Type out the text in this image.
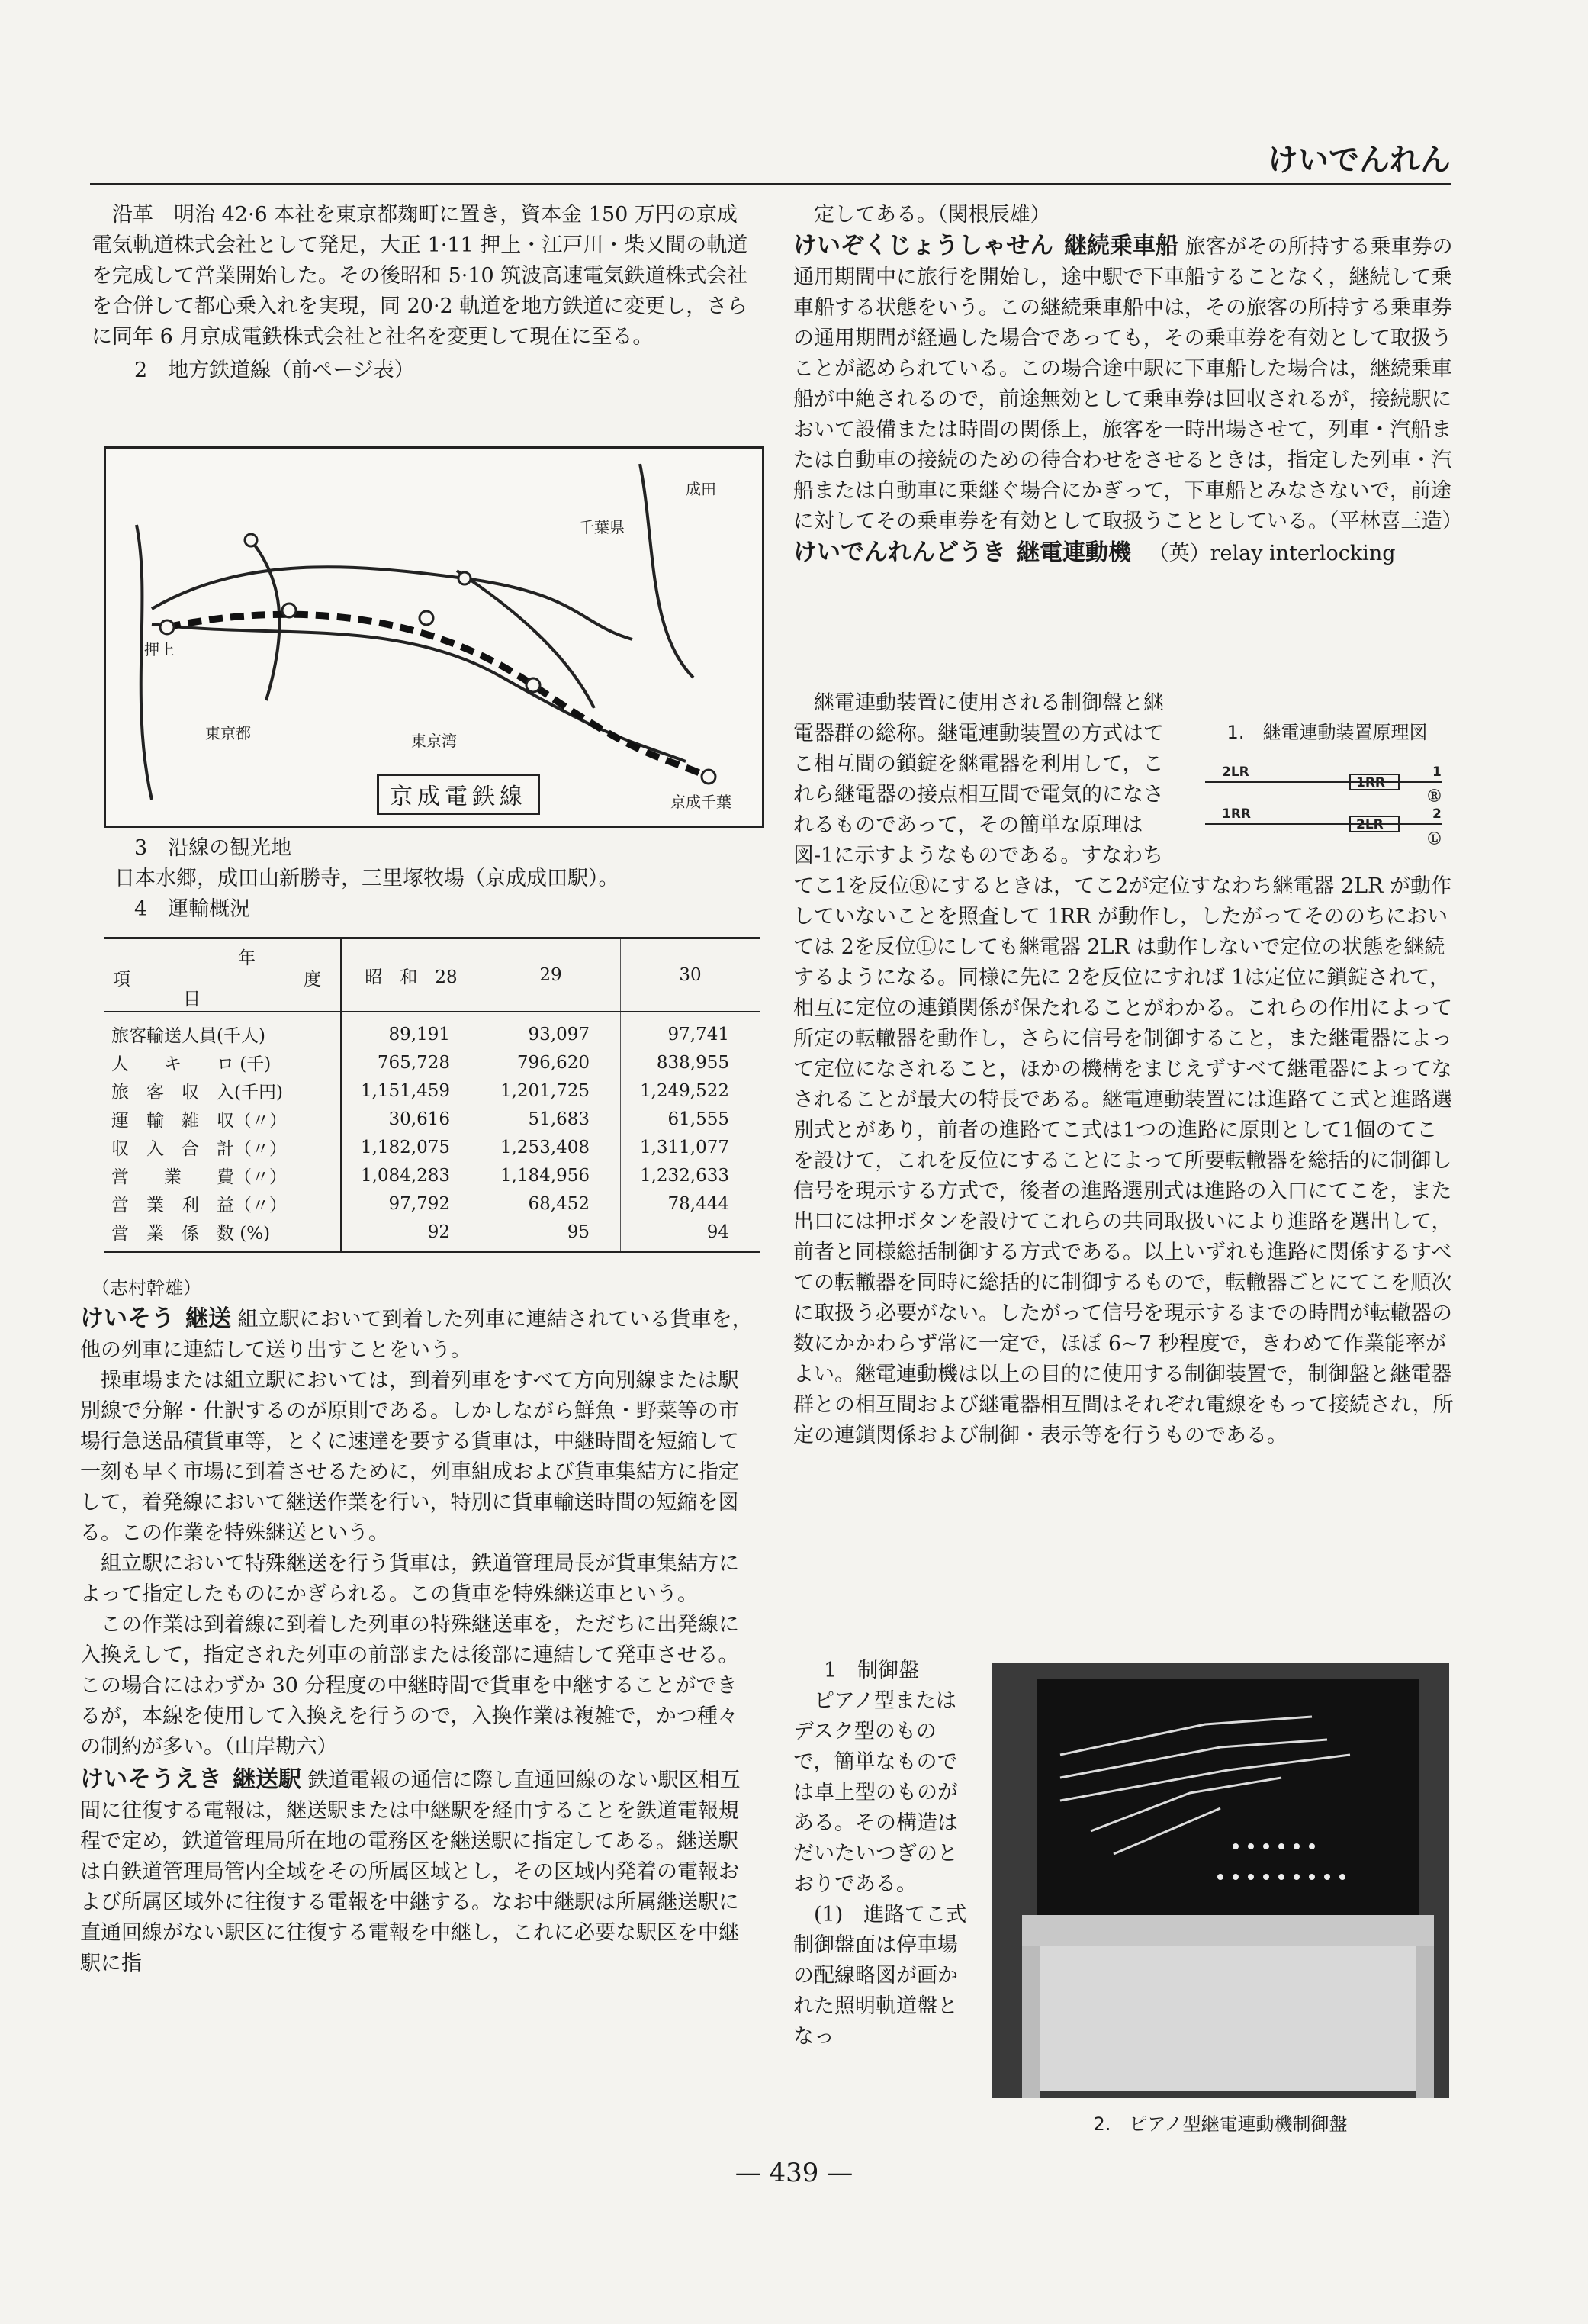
けいでんれん

沿革　明治 42·6 本社を東京都麹町に置き，資本金 150 万円の京成電気軌道株式会社として発足，大正 1·11 押上・江戸川・柴又間の軌道を完成して営業開始した。その後昭和 5·10 筑波高速電気鉄道株式会社を合併して都心乗入れを実現，同 20·2 軌道を地方鉄道に変更し，さらに同年 6 月京成電鉄株式会社と社名を変更して現在に至る。

2　地方鉄道線（前ページ表）

東京都	東京湾
千葉県
押上
京成千葉
成田
京成電鉄線

3　沿線の観光地

日本水郷，成田山新勝寺，三里塚牧場（京成成田駅）。

4　運輸概況

年
項 度
目	昭　和　28	29	30
旅客輸送人員(千人)	89,191	93,097	97,741
人　　キ　　ロ (千)	765,728	796,620	838,955
旅　客　収　入(千円)	1,151,459	1,201,725	1,249,522
運　輸　雑　収（〃）	30,616	51,683	61,555
収　入　合　計（〃）	1,182,075	1,253,408	1,311,077
営　　業　　費（〃）	1,084,283	1,184,956	1,232,633
営　業　利　益（〃）	97,792	68,452	78,444
営　業　係　数 (%)	92	95	94
（志村幹雄）

けいそう 継送 組立駅において到着した列車に連結されている貨車を，他の列車に連結して送り出すことをいう。

操車場または組立駅においては，到着列車をすべて方向別線または駅別線で分解・仕訳するのが原則である。しかしながら鮮魚・野菜等の市場行急送品積貨車等，とくに速達を要する貨車は，中継時間を短縮して一刻も早く市場に到着させるために，列車組成および貨車集結方に指定して，着発線において継送作業を行い，特別に貨車輸送時間の短縮を図る。この作業を特殊継送という。

組立駅において特殊継送を行う貨車は，鉄道管理局長が貨車集結方によって指定したものにかぎられる。この貨車を特殊継送車という。

この作業は到着線に到着した列車の特殊継送車を，ただちに出発線に入換えして，指定された列車の前部または後部に連結して発車させる。この場合にはわずか 30 分程度の中継時間で貨車を中継することができるが，本線を使用して入換えを行うので，入換作業は複雑で，かつ種々の制約が多い。（山岸勘六）

けいそうえき 継送駅 鉄道電報の通信に際し直通回線のない駅区相互間に往復する電報は，継送駅または中継駅を経由することを鉄道電報規程で定め，鉄道管理局所在地の電務区を継送駅に指定してある。継送駅は自鉄道管理局管内全域をその所属区域とし，その区域内発着の電報および所属区域外に往復する電報を中継する。なお中継駅は所属継送駅に直通回線がない駅区に往復する電報を中継し，これに必要な駅区を中継駅に指

定してある。（関根辰雄）

けいぞくじょうしゃせん 継続乗車船 旅客がその所持する乗車券の通用期間中に旅行を開始し，途中駅で下車船することなく，継続して乗車船する状態をいう。この継続乗車船中は，その旅客の所持する乗車券の通用期間が経過した場合であっても，その乗車券を有効として取扱うことが認められている。この場合途中駅に下車船した場合は，継続乗車船が中絶されるので，前途無効として乗車券は回収されるが，接続駅において設備または時間の関係上，旅客を一時出場させて，列車・汽船または自動車の接続のための待合わせをさせるときは，指定した列車・汽船または自動車に乗継ぐ場合にかぎって，下車船とみなさないで，前途に対してその乗車券を有効として取扱うこととしている。（平林喜三造）

けいでんれんどうき 継電連動機 （英）relay interlocking

1.　継電連動装置原理図
2LR
1RR
1RR
2LR
1
2
Ⓡ
Ⓛ

継電連動装置に使用される制御盤と継電器群の総称。継電連動装置の方式はてこ相互間の鎖錠を継電器を利用して，これら継電器の接点相互間で電気的になされるものであって，その簡単な原理は図-1に示すようなものである。すなわちてこ1を反位Ⓡにするときは，てこ2が定位すなわち継電器 2LR が動作していないことを照査して 1RR が動作し，したがってそののちにおいては 2を反位Ⓛにしても継電器 2LR は動作しないで定位の状態を継続するようになる。同様に先に 2を反位にすれば 1は定位に鎖錠されて，相互に定位の連鎖関係が保たれることがわかる。これらの作用によって所定の転轍器を動作し，さらに信号を制御すること，また継電器によって定位になされること，ほかの機構をまじえずすべて継電器によってなされることが最大の特長である。継電連動装置には進路てこ式と進路選別式とがあり，前者の進路てこ式は1つの進路に原則として1個のてこを設けて，これを反位にすることによって所要転轍器を総括的に制御し信号を現示する方式で，後者の進路選別式は進路の入口にてこを，また出口には押ボタンを設けてこれらの共同取扱いにより進路を選出して，前者と同様総括制御する方式である。以上いずれも進路に関係するすべての転轍器を同時に総括的に制御するもので，転轍器ごとにてこを順次に取扱う必要がない。したがって信号を現示するまでの時間が転轍器の数にかかわらず常に一定で，ほぼ 6~7 秒程度で，きわめて作業能率がよい。継電連動機は以上の目的に使用する制御装置で，制御盤と継電器群との相互間および継電器相互間はそれぞれ電線をもって接続され，所定の連鎖関係および制御・表示等を行うものである。

1　制御盤

ピアノ型またはデスク型のもので，簡単なものでは卓上型のものがある。その構造はだいたいつぎのとおりである。

(1)　進路てこ式　制御盤面は停車場の配線略図が画かれた照明軌道盤となっ

2.　ピアノ型継電連動機制御盤
— 439 —
